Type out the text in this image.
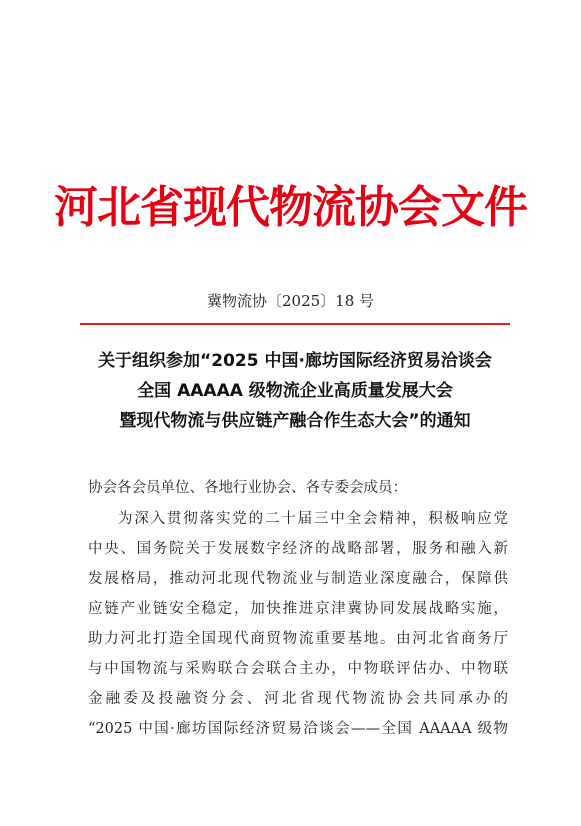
河北省现代物流协会文件
冀物流协〔2025〕18 号
关于组织参加“2025 中国·廊坊国际经济贸易洽谈会
全国 AAAAA 级物流企业高质量发展大会
暨现代物流与供应链产融合作生态大会”的通知
协会各会员单位、各地行业协会、各专委会成员：
为深入贯彻落实党的二十届三中全会精神，积极响应党
中央、国务院关于发展数字经济的战略部署，服务和融入新
发展格局，推动河北现代物流业与制造业深度融合，保障供
应链产业链安全稳定，加快推进京津冀协同发展战略实施，
助力河北打造全国现代商贸物流重要基地。由河北省商务厅
与中国物流与采购联合会联合主办，中物联评估办、中物联
金融委及投融资分会、河北省现代物流协会共同承办的
“2025 中国·廊坊国际经济贸易洽谈会——全国 AAAAA 级物
